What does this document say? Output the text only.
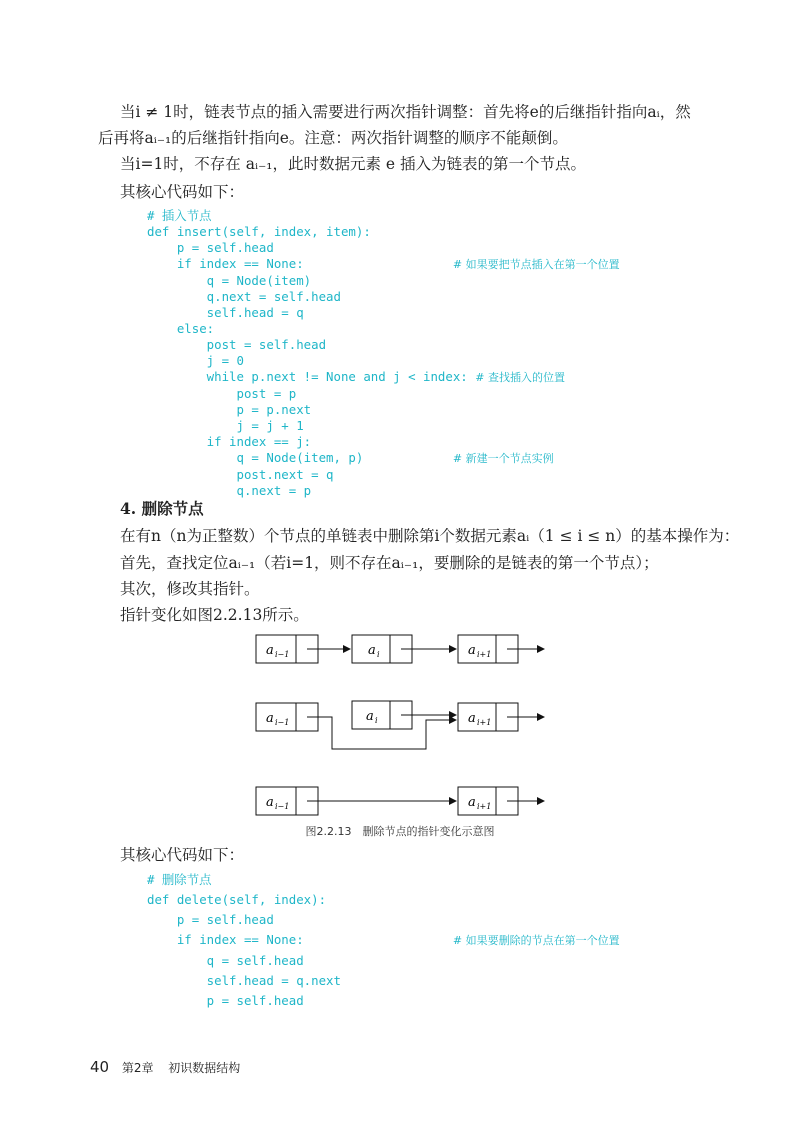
当i ≠ 1时，链表节点的插入需要进行两次指针调整：首先将e的后继指针指向aᵢ，然

后再将aᵢ₋₁的后继指针指向e。注意：两次指针调整的顺序不能颠倒。

当i=1时，不存在 aᵢ₋₁，此时数据元素 e 插入为链表的第一个节点。

其核心代码如下：

# 插入节点
def insert(self, index, item):
p = self.head
if index == None:                    # 如果要把节点插入在第一个位置
q = Node(item)
q.next = self.head
self.head = q
else:
post = self.head
j = 0
while p.next != None and j < index: # 查找插入的位置
post = p
p = p.next
j = j + 1
if index == j:
q = Node(item, p)            # 新建一个节点实例
post.next = q
q.next = p

4. 删除节点

在有n（n为正整数）个节点的单链表中删除第i个数据元素aᵢ（1 ≤ i ≤ n）的基本操作为：

首先，查找定位aᵢ₋₁（若i=1，则不存在aᵢ₋₁，要删除的是链表的第一个节点）；

其次，修改其指针。

指针变化如图2.2.13所示。

a i−1	a i	a i+1
a i−1	a i	a i+1
a i−1	a i+1
图2.2.13　删除节点的指针变化示意图

其核心代码如下：

# 删除节点
def delete(self, index):
p = self.head
if index == None:                    # 如果要删除的节点在第一个位置
q = self.head
self.head = q.next
p = self.head
40 第2章 初识数据结构
